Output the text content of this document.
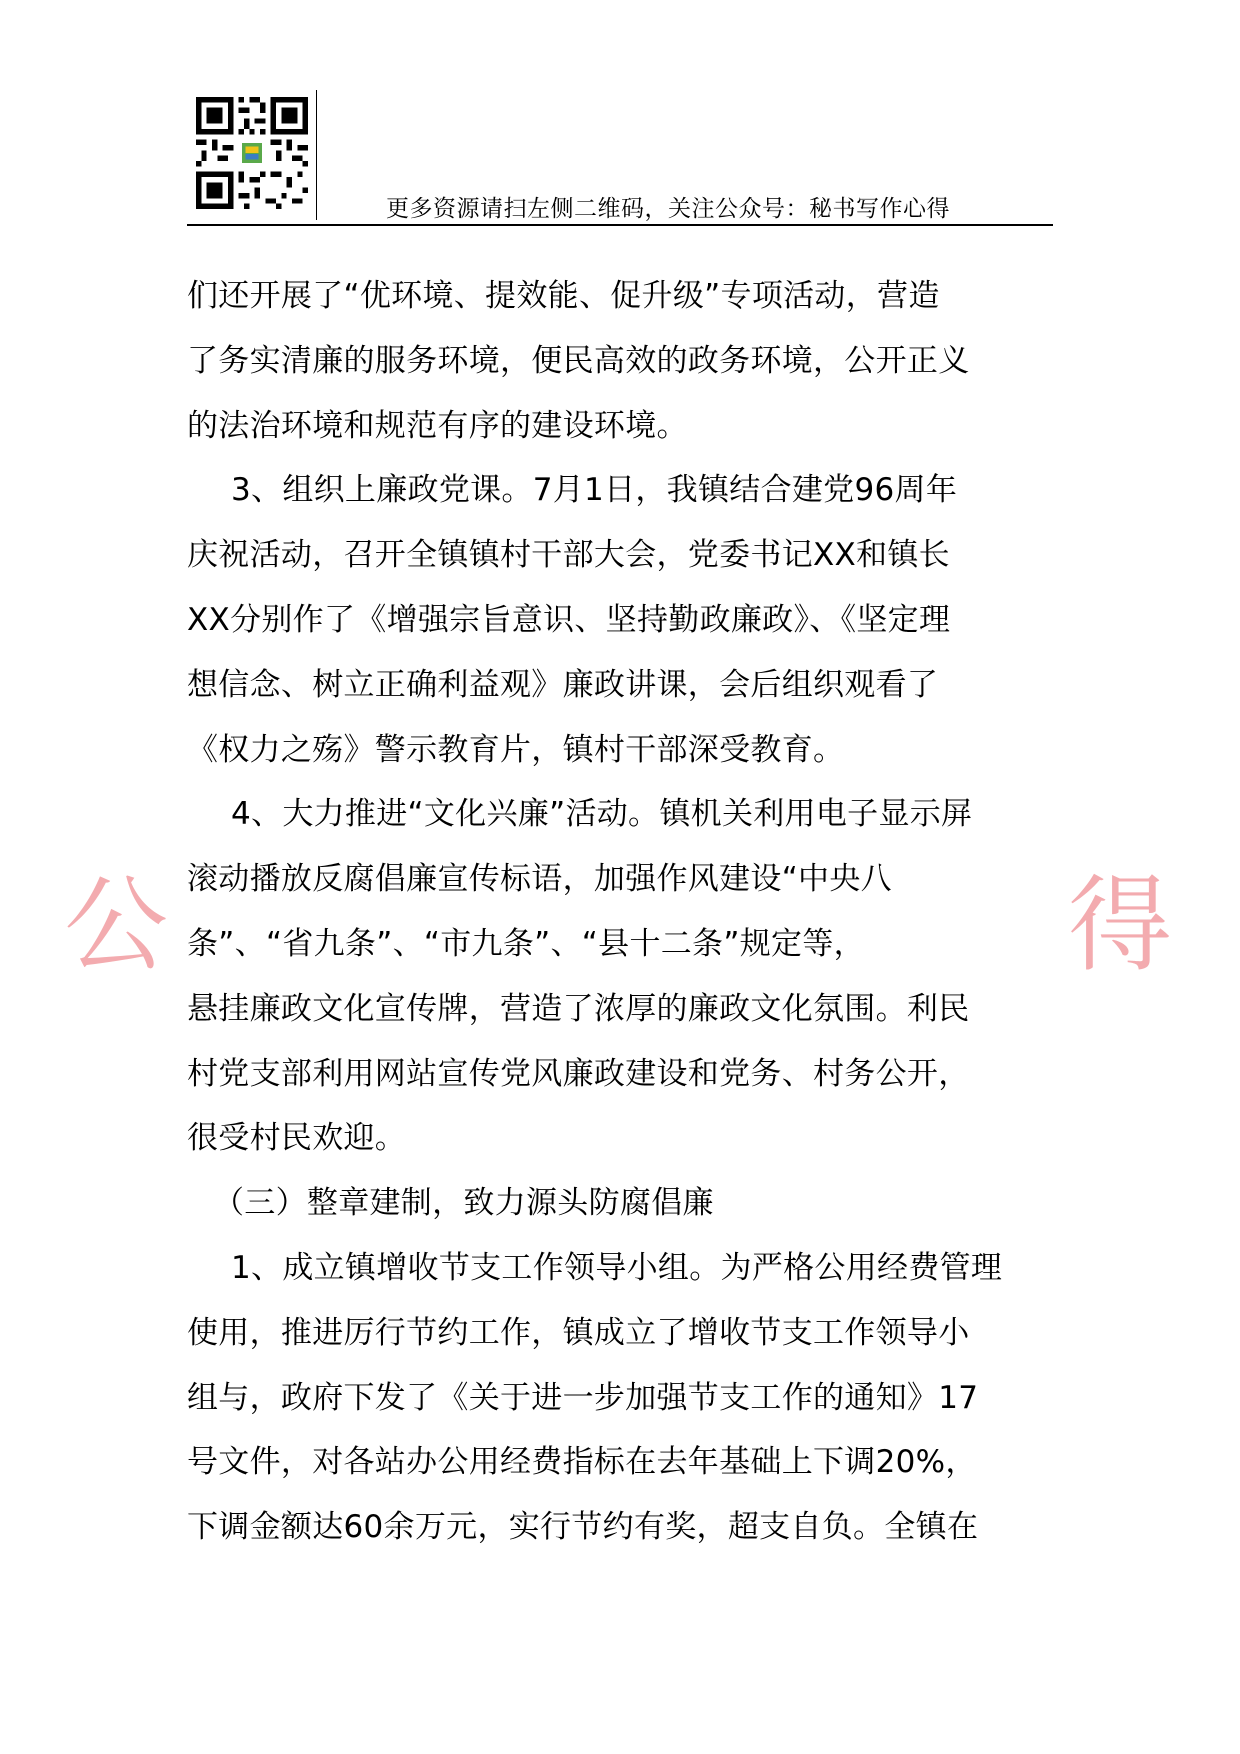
更多资源请扫左侧二维码，关注公众号：秘书写作心得

们还开展了“优环境、提效能、促升级”专项活动，营造
了务实清廉的服务环境，便民高效的政务环境，公开正义
的法治环境和规范有序的建设环境。

3、组织上廉政党课。7月1日，我镇结合建党96周年
庆祝活动，召开全镇镇村干部大会，党委书记XX和镇长
XX分别作了《增强宗旨意识、坚持勤政廉政》、《坚定理
想信念、树立正确利益观》廉政讲课，会后组织观看了
《权力之殇》警示教育片，镇村干部深受教育。

4、大力推进“文化兴廉”活动。镇机关利用电子显示屏
滚动播放反腐倡廉宣传标语，加强作风建设“中央八
条”、“省九条”、“市九条”、“县十二条”规定等，
悬挂廉政文化宣传牌，营造了浓厚的廉政文化氛围。利民
村党支部利用网站宣传党风廉政建设和党务、村务公开，
很受村民欢迎。

（三）整章建制，致力源头防腐倡廉

1、成立镇增收节支工作领导小组。为严格公用经费管理
使用，推进厉行节约工作，镇成立了增收节支工作领导小
组与，政府下发了《关于进一步加强节支工作的通知》17
号文件，对各站办公用经费指标在去年基础上下调20%，
下调金额达60余万元，实行节约有奖，超支自负。全镇在

公	得
